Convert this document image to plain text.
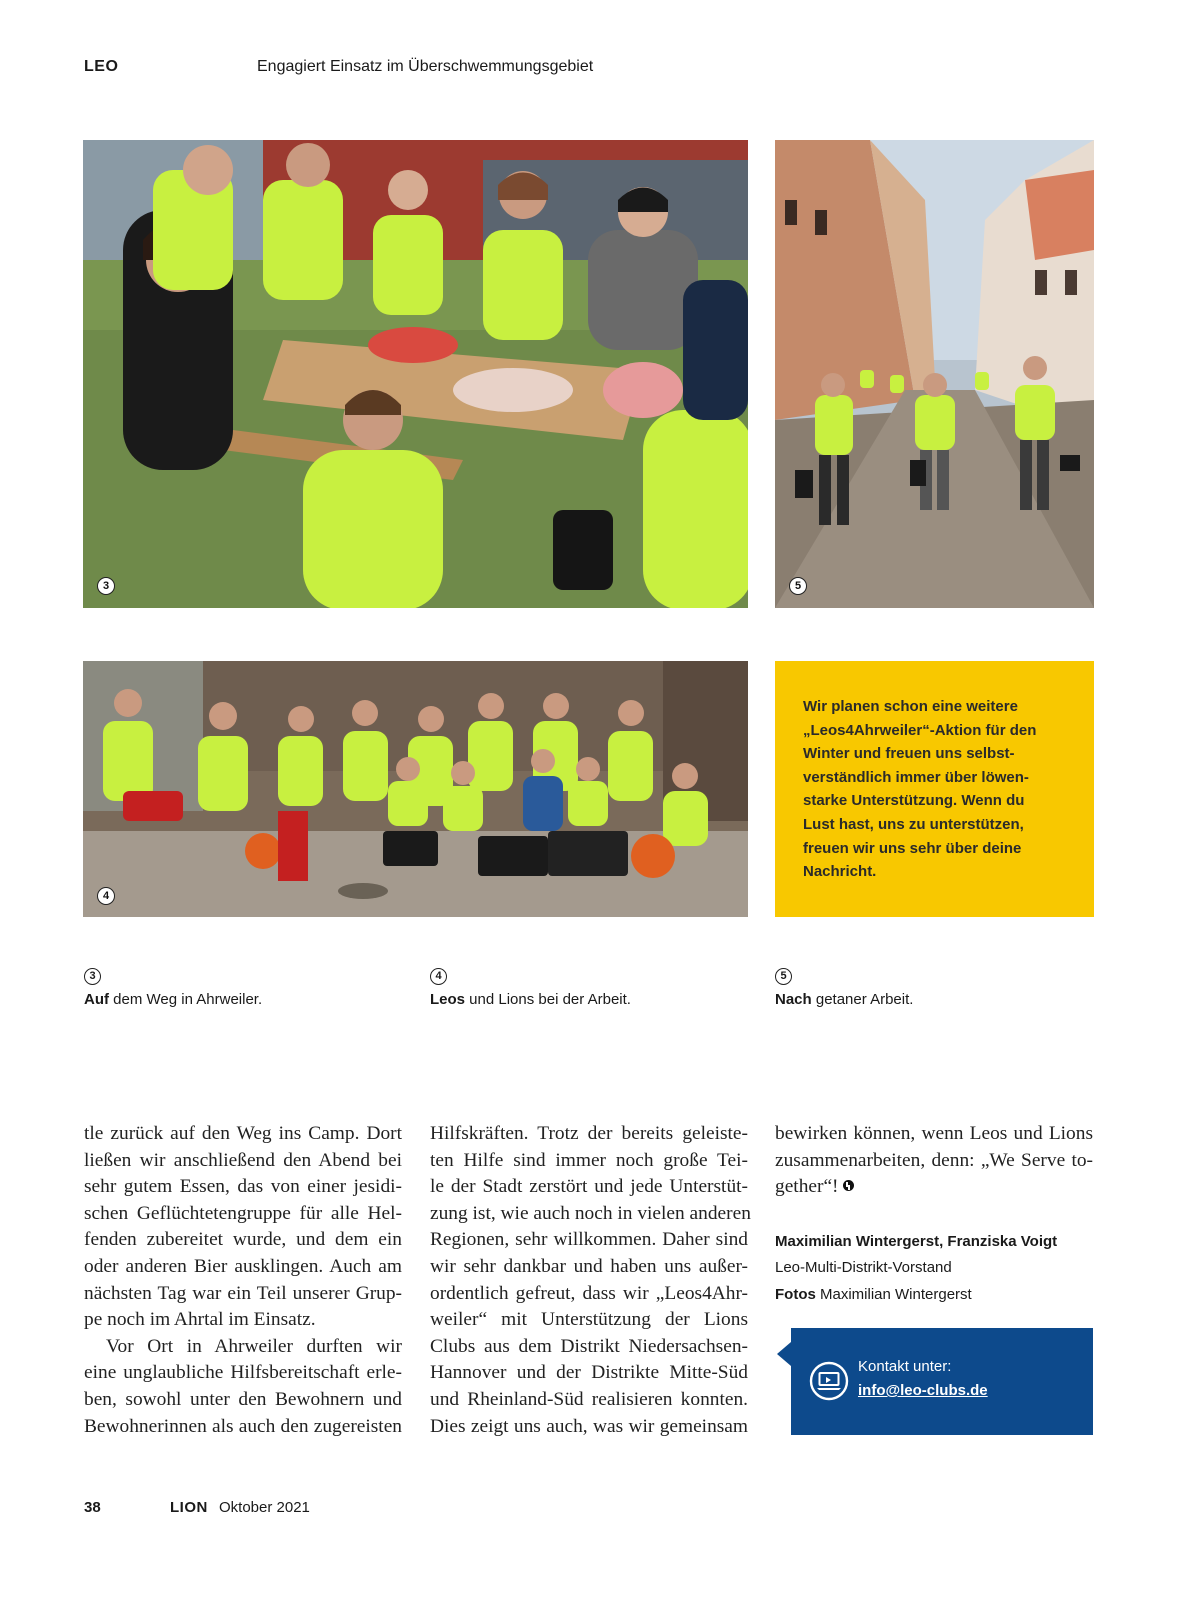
LEO	Engagiert Einsatz im Überschwemmungsgebiet
3	5
4

Wir planen schon eine weitere

„Leos4Ahrweiler“-Aktion für den

Winter und freuen uns selbst-

verständlich immer über löwen-

starke Unterstützung. Wenn du

Lust hast, uns zu unterstützen,

freuen wir uns sehr über deine

Nachricht.

3
Auf dem Weg in Ahrweiler.
4
Leos und Lions bei der Arbeit.
5
Nach getaner Arbeit.
tle zurück auf den Weg ins Camp. Dort
ließen wir anschließend den Abend bei
sehr gutem Essen, das von einer jesidi-
schen Geflüchtetengruppe für alle Hel-
fenden zubereitet wurde, und dem ein
oder anderen Bier ausklingen. Auch am
nächsten Tag war ein Teil unserer Grup-
pe noch im Ahrtal im Einsatz.
Vor Ort in Ahrweiler durften wir
eine unglaubliche Hilfsbereitschaft erle-
ben, sowohl unter den Bewohnern und
Bewohnerinnen als auch den zugereisten
Hilfskräften. Trotz der bereits geleiste-
ten Hilfe sind immer noch große Tei-
le der Stadt zerstört und jede Unterstüt-
zung ist, wie auch noch in vielen anderen
Regionen, sehr willkommen. Daher sind
wir sehr dankbar und haben uns außer-
ordentlich gefreut, dass wir „Leos4Ahr-
weiler“ mit Unterstützung der Lions
Clubs aus dem Distrikt Niedersachsen-
Hannover und der Distrikte Mitte-Süd
und Rheinland-Süd realisieren konnten.
Dies zeigt uns auch, was wir gemeinsam
bewirken können, wenn Leos und Lions
zusammenarbeiten, denn: „We Serve to-
gether“!
Maximilian Wintergerst, Franziska Voigt
Leo-Multi-Distrikt-Vorstand
Fotos Maximilian Wintergerst
Kontakt unter:
info@leo-clubs.de
38	LION Oktober 2021
